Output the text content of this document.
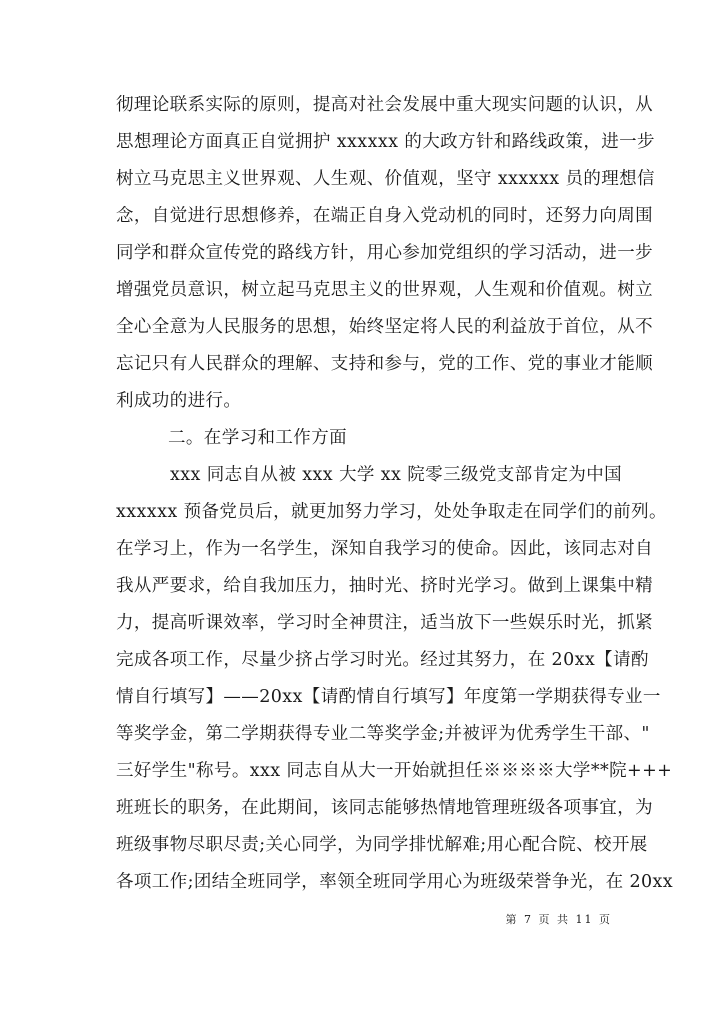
彻理论联系实际的原则，提高对社会发展中重大现实问题的认识，从
思想理论方面真正自觉拥护 xxxxxx 的大政方针和路线政策，进一步
树立马克思主义世界观、人生观、价值观，坚守 xxxxxx 员的理想信
念，自觉进行思想修养，在端正自身入党动机的同时，还努力向周围
同学和群众宣传党的路线方针，用心参加党组织的学习活动，进一步
增强党员意识，树立起马克思主义的世界观，人生观和价值观。树立
全心全意为人民服务的思想，始终坚定将人民的利益放于首位，从不
忘记只有人民群众的理解、支持和参与，党的工作、党的事业才能顺
利成功的进行。
二。在学习和工作方面
xxx 同志自从被 xxx 大学 xx 院零三级党支部肯定为中国
xxxxxx 预备党员后，就更加努力学习，处处争取走在同学们的前列。
在学习上，作为一名学生，深知自我学习的使命。因此，该同志对自
我从严要求，给自我加压力，抽时光、挤时光学习。做到上课集中精
力，提高听课效率，学习时全神贯注，适当放下一些娱乐时光，抓紧
完成各项工作，尽量少挤占学习时光。经过其努力，在 20xx【请酌
情自行填写】——20xx【请酌情自行填写】年度第一学期获得专业一
等奖学金，第二学期获得专业二等奖学金;并被评为优秀学生干部、"
三好学生"称号。xxx 同志自从大一开始就担任※※※※大学**院+++
班班长的职务，在此期间，该同志能够热情地管理班级各项事宜，为
班级事物尽职尽责;关心同学，为同学排忧解难;用心配合院、校开展
各项工作;团结全班同学，率领全班同学用心为班级荣誉争光，在 20xx
第 7 页 共 11 页
